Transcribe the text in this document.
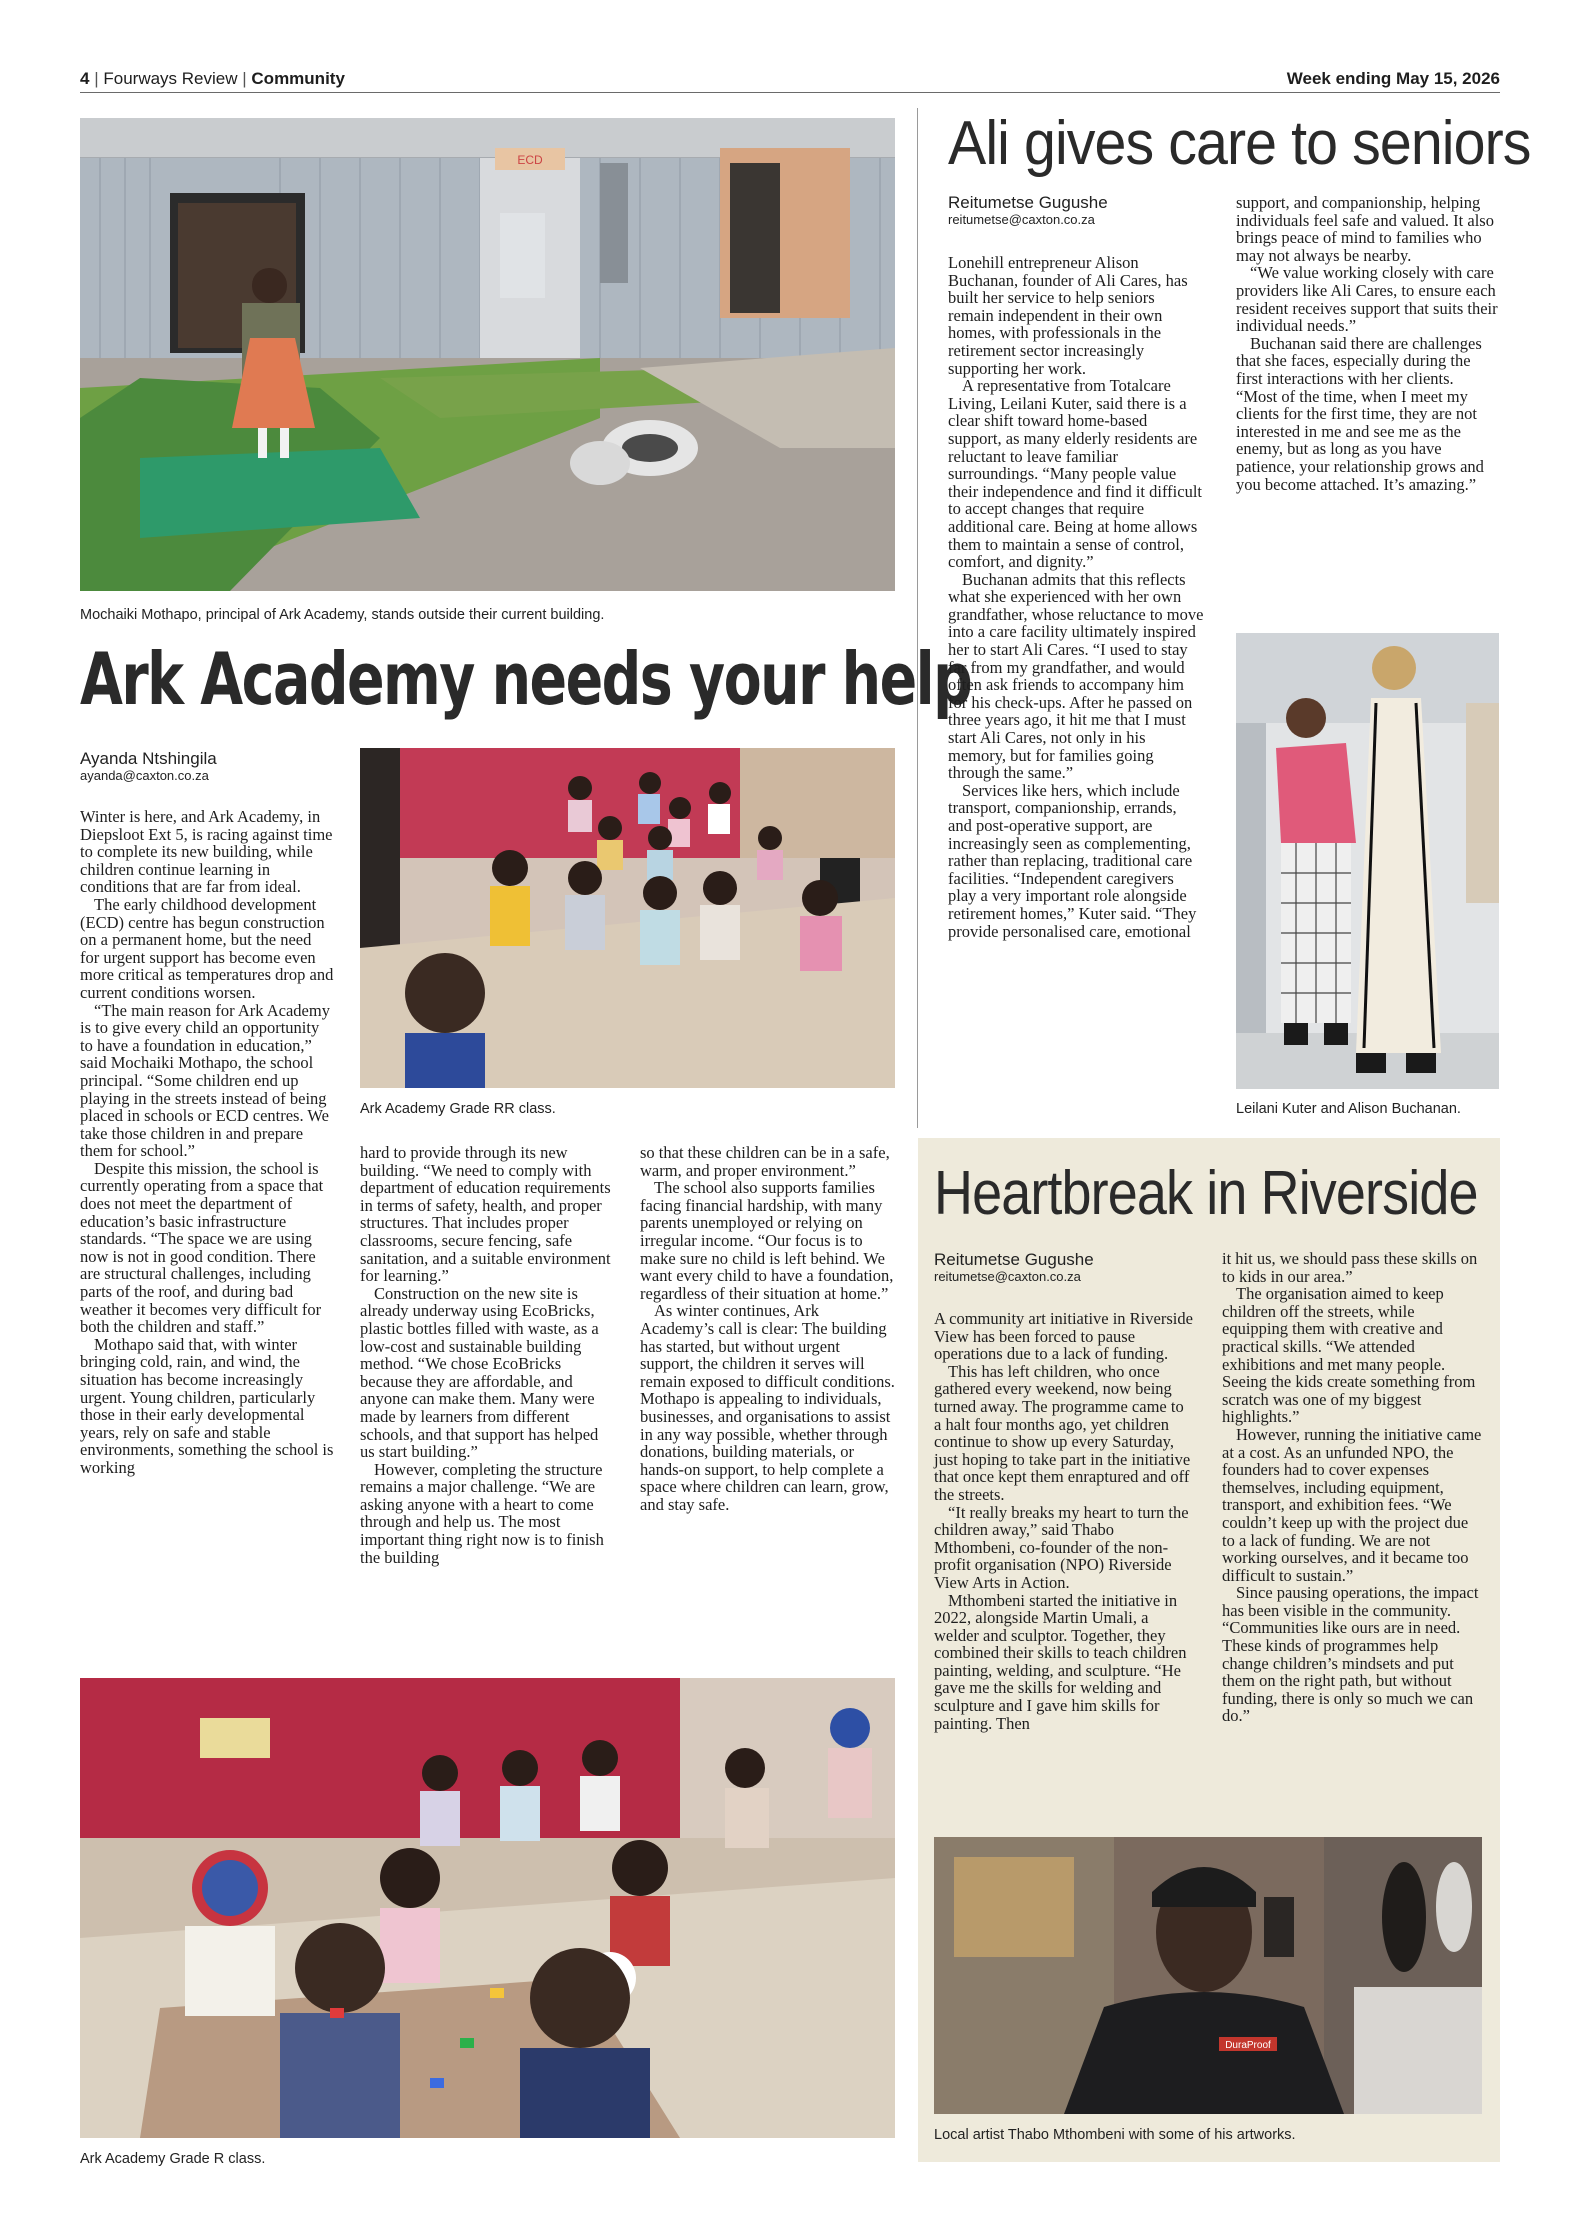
4 | Fourways Review | Community	Week ending May 15, 2026
ECD
Mochaiki Mothapo, principal of Ark Academy, stands outside their current building.
Ark Academy needs your help
Ayanda Ntshingila
ayanda@caxton.co.za

Winter is here, and Ark Academy, in Diepsloot Ext 5, is racing against time to complete its new building, while children continue learning in conditions that are far from ideal.

The early childhood development (ECD) centre has begun construction on a permanent home, but the need for urgent support has become even more critical as temperatures drop and current conditions worsen.

“The main reason for Ark Academy is to give every child an opportunity to have a foundation in education,” said Mochaiki Mothapo, the school principal. “Some children end up playing in the streets instead of being placed in schools or ECD centres. We take those children in and prepare them for school.”

Despite this mission, the school is currently operating from a space that does not meet the department of education’s basic infrastructure standards. “The space we are using now is not in good condition. There are structural challenges, including parts of the roof, and during bad weather it becomes very difficult for both the children and staff.”

Mothapo said that, with winter bringing cold, rain, and wind, the situation has become increasingly urgent. Young children, particularly those in their early developmental years, rely on safe and stable environments, something the school is working

Ark Academy Grade RR class.

hard to provide through its new building. “We need to comply with department of education requirements in terms of safety, health, and proper structures. That includes proper classrooms, secure fencing, safe sanitation, and a suitable environment for learning.”

Construction on the new site is already underway using EcoBricks, plastic bottles filled with waste, as a low-cost and sustainable building method. “We chose EcoBricks because they are affordable, and anyone can make them. Many were made by learners from different schools, and that support has helped us start building.”

However, completing the structure remains a major challenge. “We are asking anyone with a heart to come through and help us. The most important thing right now is to finish the building

so that these children can be in a safe, warm, and proper environment.”

The school also supports families facing financial hardship, with many parents unemployed or relying on irregular income. “Our focus is to make sure no child is left behind. We want every child to have a foundation, regardless of their situation at home.”

As winter continues, Ark Academy’s call is clear: The building has started, but without urgent support, the children it serves will remain exposed to difficult conditions. Mothapo is appealing to individuals, businesses, and organisations to assist in any way possible, whether through donations, building materials, or hands-on support, to help complete a space where children can learn, grow, and stay safe.

Ark Academy Grade R class.
Ali gives care to seniors
Reitumetse Gugushe
reitumetse@caxton.co.za

Lonehill entrepreneur Alison Buchanan, founder of Ali Cares, has built her service to help seniors remain independent in their own homes, with professionals in the retirement sector increasingly supporting her work.

A representative from Totalcare Living, Leilani Kuter, said there is a clear shift toward home-based support, as many elderly residents are reluctant to leave familiar surroundings. “Many people value their independence and find it difficult to accept changes that require additional care. Being at home allows them to maintain a sense of control, comfort, and dignity.”

Buchanan admits that this reflects what she experienced with her own grandfather, whose reluctance to move into a care facility ultimately inspired her to start Ali Cares. “I used to stay far from my grandfather, and would often ask friends to accompany him for his check-ups. After he passed on three years ago, it hit me that I must start Ali Cares, not only in his memory, but for families going through the same.”

Services like hers, which include transport, companionship, errands, and post-operative support, are increasingly seen as complementing, rather than replacing, traditional care facilities. “Independent caregivers play a very important role alongside retirement homes,” Kuter said. “They provide personalised care, emotional

support, and companionship, helping individuals feel safe and valued. It also brings peace of mind to families who may not always be nearby.

“We value working closely with care providers like Ali Cares, to ensure each resident receives support that suits their individual needs.”

Buchanan said there are challenges that she faces, especially during the first interactions with her clients. “Most of the time, when I meet my clients for the first time, they are not interested in me and see me as the enemy, but as long as you have patience, your relationship grows and you become attached. It’s amazing.”

Leilani Kuter and Alison Buchanan.
Heartbreak in Riverside
Reitumetse Gugushe
reitumetse@caxton.co.za

A community art initiative in Riverside View has been forced to pause operations due to a lack of funding.

This has left children, who once gathered every weekend, now being turned away. The programme came to a halt four months ago, yet children continue to show up every Saturday, just hoping to take part in the initiative that once kept them enraptured and off the streets.

“It really breaks my heart to turn the children away,” said Thabo Mthombeni, co-founder of the non-profit organisation (NPO) Riverside View Arts in Action.

Mthombeni started the initiative in 2022, alongside Martin Umali, a welder and sculptor. Together, they combined their skills to teach children painting, welding, and sculpture. “He gave me the skills for welding and sculpture and I gave him skills for painting. Then

it hit us, we should pass these skills on to kids in our area.”

The organisation aimed to keep children off the streets, while equipping them with creative and practical skills. “We attended exhibitions and met many people. Seeing the kids create something from scratch was one of my biggest highlights.”

However, running the initiative came at a cost. As an unfunded NPO, the founders had to cover expenses themselves, including equipment, transport, and exhibition fees. “We couldn’t keep up with the project due to a lack of funding. We are not working ourselves, and it became too difficult to sustain.”

Since pausing operations, the impact has been visible in the community. “Communities like ours are in need. These kinds of programmes help change children’s mindsets and put them on the right path, but without funding, there is only so much we can do.”

DuraProof
Local artist Thabo Mthombeni with some of his artworks.
